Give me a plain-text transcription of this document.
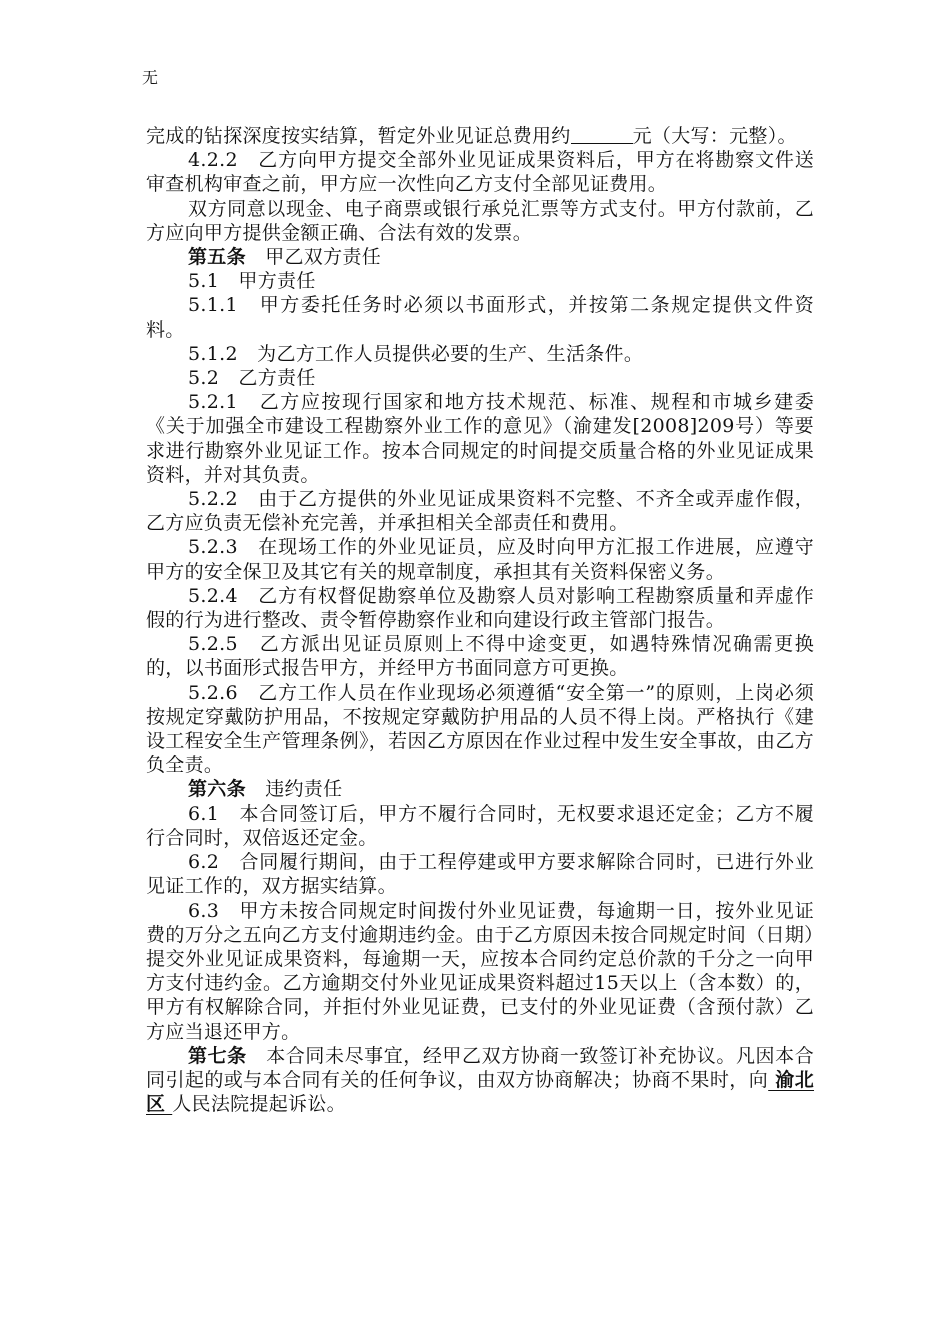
无

完成的钻探深度按实结算，暂定外业见证总费用约	元（大写：元整）。

4.2.2　乙方向甲方提交全部外业见证成果资料后，甲方在将勘察文件送审查机构审查之前，甲方应一次性向乙方支付全部见证费用。

双方同意以现金、电子商票或银行承兑汇票等方式支付。甲方付款前，乙方应向甲方提供金额正确、合法有效的发票。

第五条　甲乙双方责任

5.1　甲方责任

5.1.1　甲方委托任务时必须以书面形式，并按第二条规定提供文件资料。

5.1.2　为乙方工作人员提供必要的生产、生活条件。

5.2　乙方责任

5.2.1　乙方应按现行国家和地方技术规范、标准、规程和市城乡建委《关于加强全市建设工程勘察外业工作的意见》（渝建发[2008]209号）等要求进行勘察外业见证工作。按本合同规定的时间提交质量合格的外业见证成果资料，并对其负责。

5.2.2　由于乙方提供的外业见证成果资料不完整、不齐全或弄虚作假，乙方应负责无偿补充完善，并承担相关全部责任和费用。

5.2.3　在现场工作的外业见证员，应及时向甲方汇报工作进展，应遵守甲方的安全保卫及其它有关的规章制度，承担其有关资料保密义务。

5.2.4　乙方有权督促勘察单位及勘察人员对影响工程勘察质量和弄虚作假的行为进行整改、责令暂停勘察作业和向建设行政主管部门报告。

5.2.5　乙方派出见证员原则上不得中途变更，如遇特殊情况确需更换的，以书面形式报告甲方，并经甲方书面同意方可更换。

5.2.6　乙方工作人员在作业现场必须遵循“安全第一”的原则，上岗必须按规定穿戴防护用品，不按规定穿戴防护用品的人员不得上岗。严格执行《建设工程安全生产管理条例》，若因乙方原因在作业过程中发生安全事故，由乙方负全责。

第六条　违约责任

6.1　本合同签订后，甲方不履行合同时，无权要求退还定金；乙方不履行合同时，双倍返还定金。

6.2　合同履行期间，由于工程停建或甲方要求解除合同时，已进行外业见证工作的，双方据实结算。

6.3　甲方未按合同规定时间拨付外业见证费，每逾期一日，按外业见证费的万分之五向乙方支付逾期违约金。由于乙方原因未按合同规定时间（日期）提交外业见证成果资料，每逾期一天，应按本合同约定总价款的千分之一向甲方支付违约金。乙方逾期交付外业见证成果资料超过15天以上（含本数）的，甲方有权解除合同，并拒付外业见证费，已支付的外业见证费（含预付款）乙方应当退还甲方。

第七条　本合同未尽事宜，经甲乙双方协商一致签订补充协议。凡因本合同引起的或与本合同有关的任何争议，由双方协商解决；协商不果时，向 渝北区 人民法院提起诉讼。
